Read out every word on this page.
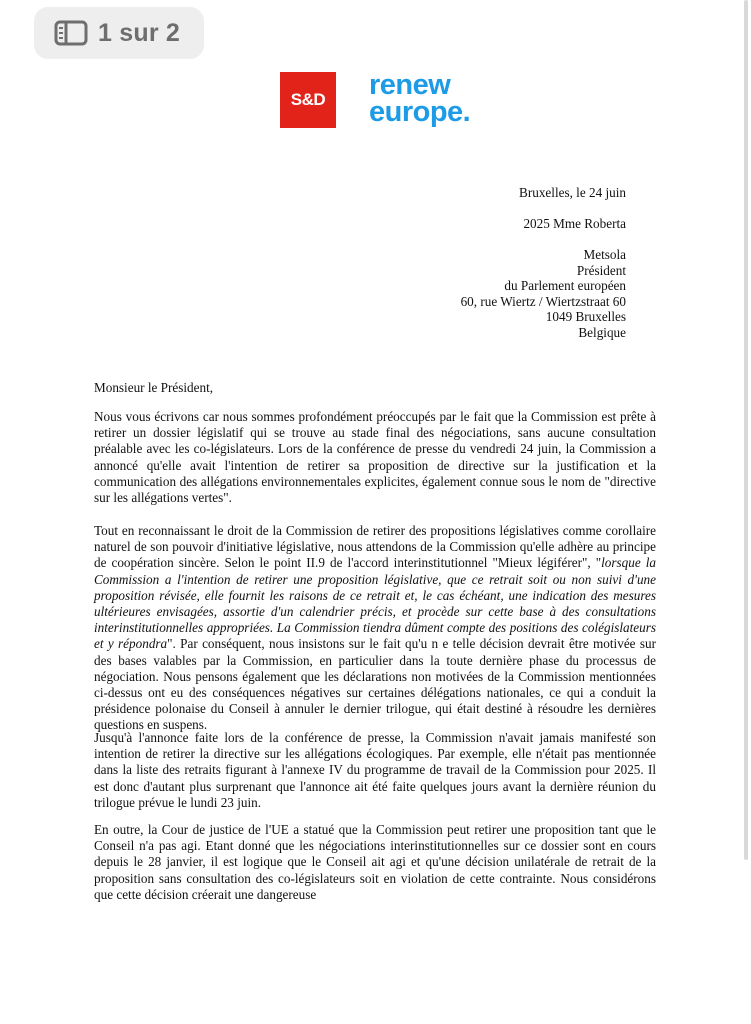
1 sur 2
S&D renew
europe.
Bruxelles, le 24 juin

2025 Mme Roberta

Metsola
Président
du Parlement européen
60, rue Wiertz / Wiertzstraat 60
1049 Bruxelles
Belgique
Monsieur le Président,

Nous vous écrivons car nous sommes profondément préoccupés par le fait que la Commission est prête à retirer un dossier législatif qui se trouve au stade final des négociations, sans aucune consultation préalable avec les co-législateurs. Lors de la conférence de presse du vendredi 24 juin, la Commission a annoncé qu'elle avait l'intention de retirer sa proposition de directive sur la justification et la communication des allégations environnementales explicites, également connue sous le nom de "directive sur les allégations vertes".

Tout en reconnaissant le droit de la Commission de retirer des propositions législatives comme corollaire naturel de son pouvoir d'initiative législative, nous attendons de la Commission qu'elle adhère au principe de coopération sincère. Selon le point II.9 de l'accord interinstitutionnel "Mieux légiférer", "lorsque la Commission a l'intention de retirer une proposition législative, que ce retrait soit ou non suivi d'une proposition révisée, elle fournit les raisons de ce retrait et, le cas échéant, une indication des mesures ultérieures envisagées, assortie d'un calendrier précis, et procède sur cette base à des consultations interinstitutionnelles appropriées. La Commission tiendra dûment compte des positions des colégislateurs et y répondra". Par conséquent, nous insistons sur le fait qu'u n e telle décision devrait être motivée sur des bases valables par la Commission, en particulier dans la toute dernière phase du processus de négociation. Nous pensons également que les déclarations non motivées de la Commission mentionnées ci-dessus ont eu des conséquences négatives sur certaines délégations nationales, ce qui a conduit la présidence polonaise du Conseil à annuler le dernier trilogue, qui était destiné à résoudre les dernières questions en suspens.

Jusqu'à l'annonce faite lors de la conférence de presse, la Commission n'avait jamais manifesté son intention de retirer la directive sur les allégations écologiques. Par exemple, elle n'était pas mentionnée dans la liste des retraits figurant à l'annexe IV du programme de travail de la Commission pour 2025. Il est donc d'autant plus surprenant que l'annonce ait été faite quelques jours avant la dernière réunion du trilogue prévue le lundi 23 juin.

En outre, la Cour de justice de l'UE a statué que la Commission peut retirer une proposition tant que le Conseil n'a pas agi. Etant donné que les négociations interinstitutionnelles sur ce dossier sont en cours depuis le 28 janvier, il est logique que le Conseil ait agi et qu'une décision unilatérale de retrait de la proposition sans consultation des co-législateurs soit en violation de cette contrainte. Nous considérons que cette décision créerait une dangereuse
